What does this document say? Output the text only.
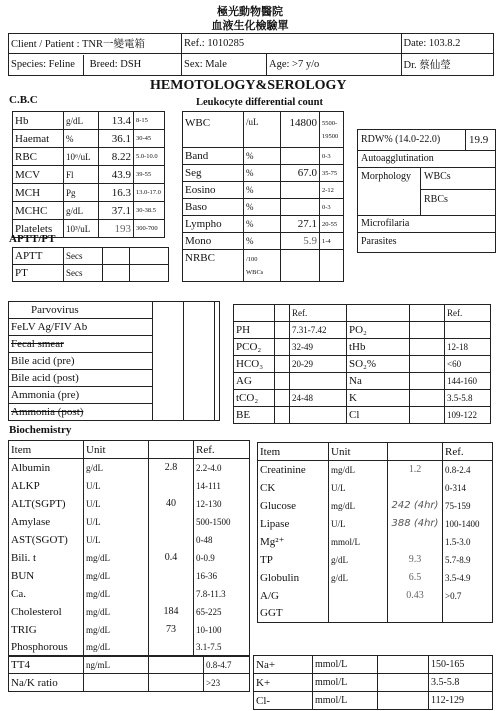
極光動物醫院
血液生化檢驗單
Client / Patient : TNR一變電箱	Ref.: 1010285		Date: 103.8.2
Species: Feline Breed: DSH	Sex: Male	Age: >7 y/o	Dr. 蔡仙瑩
HEMOTOLOGY&SEROLOGY
C.B.C	Leukocyte differential count
Hb	g/dL	13.4	8-15
Haemat	%	36.1	30-45
RBC	10⁶/uL	8.22	5.0-10.0
MCV	Fl	43.9	39-55
MCH	Pg	16.3	13.0-17.0
MCHC	g/dL	37.1	30-38.5
Platelets	10³/uL	193	300-700
WBC	/uL	14800	5500-
19500

Band	%		0-3
Seg	%	67.0	35-75
Eosino	%		2-12
Baso	%		0-3
Lympho	%	27.1	20-55
Mono	%	5.9	1-4
NRBC	/100
WBCs		

RDW% (14.0-22.0)	19.9
Autoagglutination
Morphology WBCs
RBCs
Microfilaria
Parasites
APTT/PT
APTT	Secs		
PT	Secs		
Parvovirus			
FeLV Ag/FIV Ab			
Fecal smear			
Bile acid (pre)			
Bile acid (post)			
Ammonia (pre)			
Ammonia (post)			
		Ref.			Ref.
PH		7.31-7.42	PO₂		
PCO₂		32-49	tHb		12-18
HCO₃		20-29	SO₂%		<60
AG			Na		144-160
tCO₂		24-48	K		3.5-5.8
BE			Cl		109-122
Biochemistry
Item	Unit		Ref.
Albumin	g/dL	2.8	2.2-4.0
ALKP	U/L		14-111
ALT(SGPT)	U/L	40	12-130
Amylase	U/L		500-1500
AST(SGOT)	U/L		0-48
Bili. t	mg/dL	0.4	0-0.9
BUN	mg/dL		16-36
Ca.	mg/dL		7.8-11.3
Cholesterol	mg/dL	184	65-225
TRIG	mg/dL	73	10-100
Phosphorous	mg/dL		3.1-7.5
Item	Unit		Ref.
Creatinine	mg/dL	1.2	0.8-2.4
CK	U/L		0-314
Glucose	mg/dL	242 (4hr)	75-159
Lipase	U/L	388 (4hr)	100-1400
Mg²⁺	mmol/L		1.5-3.0
TP	g/dL	9.3	5.7-8.9
Globulin	g/dL	6.5	3.5-4.9
A/G		0.43	>0.7
GGT			
TT4	ng/mL		0.8-4.7
Na/K ratio			>23
Na+	mmol/L		150-165
K+	mmol/L		3.5-5.8
Cl-	mmol/L		112-129
